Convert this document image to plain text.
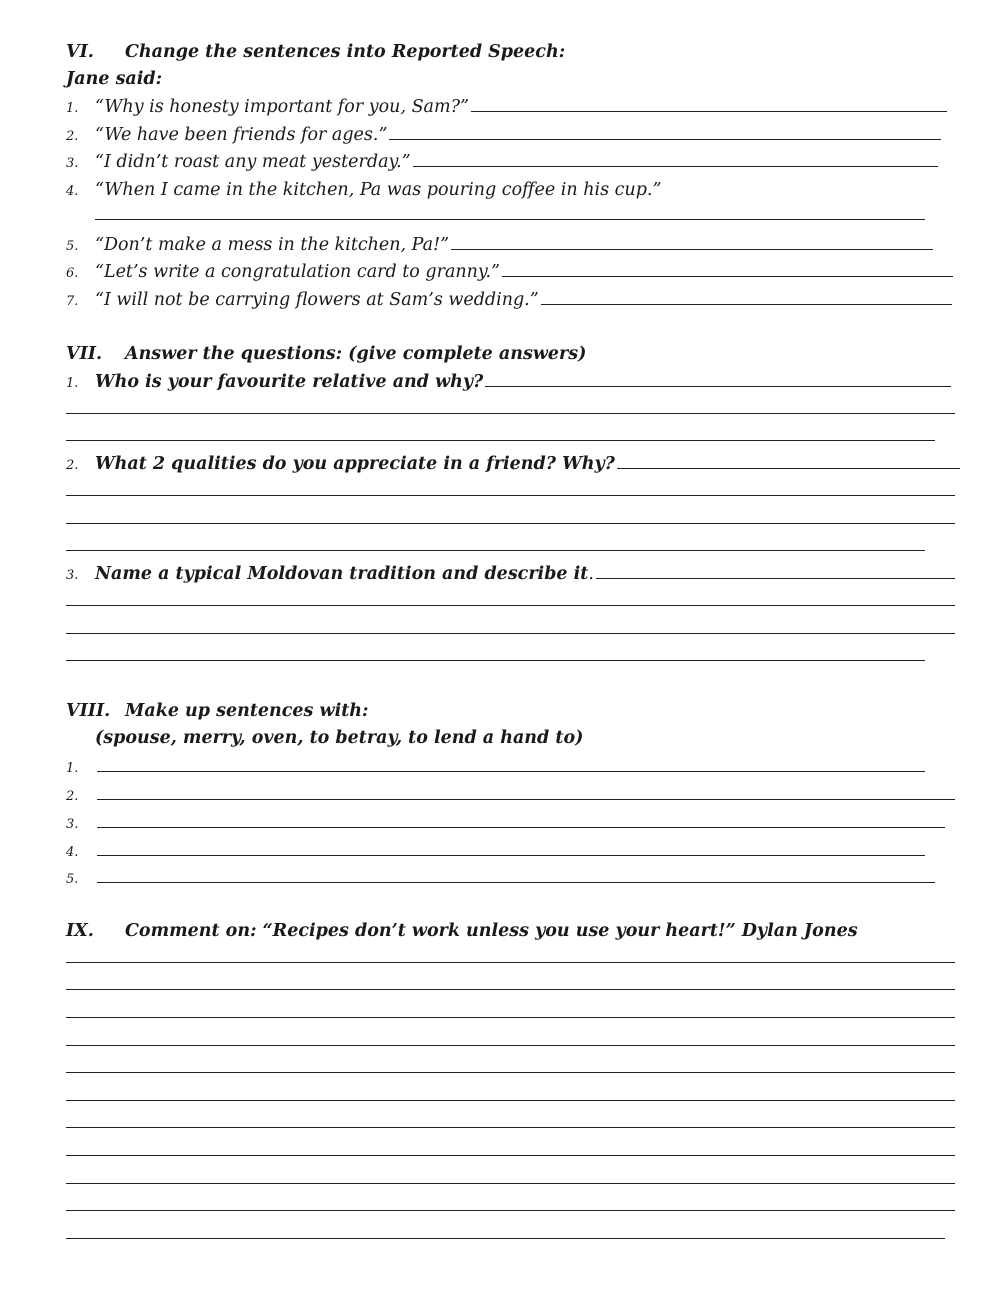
VI.	Change the sentences into Reported Speech:
Jane said:
1. “Why is honesty important for you, Sam?”
2. “We have been friends for ages.”
3. “I didn’t roast any meat yesterday.”
4. “When I came in the kitchen, Pa was pouring coffee in his cup.”
5. “Don’t make a mess in the kitchen, Pa!”
6. “Let’s write a congratulation card to granny.”
7. “I will not be carrying flowers at Sam’s wedding.”
VII.	Answer the questions: (give complete answers)
1. Who is your favourite relative and why?
2. What 2 qualities do you appreciate in a friend? Why?
3. Name a typical Moldovan tradition and describe it .
VIII. Make up sentences with:
(spouse, merry, oven, to betray, to lend a hand to)
1.
2.
3.
4.
5.
IX.	Comment on: “Recipes don’t work unless you use your heart!” Dylan Jones
